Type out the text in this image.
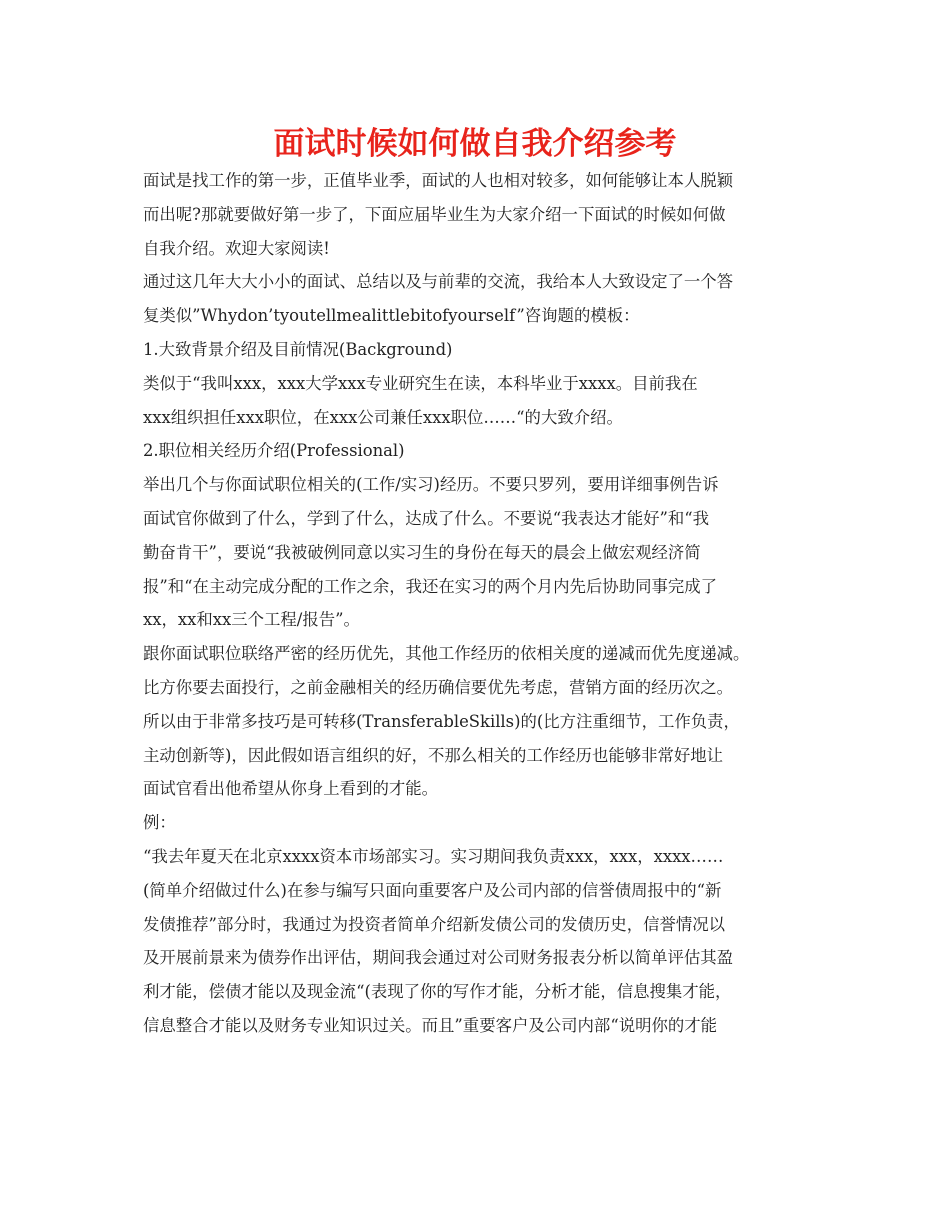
面试时候如何做自我介绍参考
面试是找工作的第一步，正值毕业季，面试的人也相对较多，如何能够让本人脱颖
而出呢?那就要做好第一步了，下面应届毕业生为大家介绍一下面试的时候如何做
自我介绍。欢迎大家阅读!
通过这几年大大小小的面试、总结以及与前辈的交流，我给本人大致设定了一个答
复类似”Whydon’tyoutellmealittlebitofyourself”咨询题的模板：
1.大致背景介绍及目前情况(Background)
类似于“我叫xxx，xxx大学xxx专业研究生在读，本科毕业于xxxx。目前我在
xxx组织担任xxx职位，在xxx公司兼任xxx职位……“的大致介绍。
2.职位相关经历介绍(Professional)
举出几个与你面试职位相关的(工作/实习)经历。不要只罗列，要用详细事例告诉
面试官你做到了什么，学到了什么，达成了什么。不要说“我表达才能好”和“我
勤奋肯干”，要说“我被破例同意以实习生的身份在每天的晨会上做宏观经济简
报”和“在主动完成分配的工作之余，我还在实习的两个月内先后协助同事完成了
xx，xx和xx三个工程/报告”。
跟你面试职位联络严密的经历优先，其他工作经历的依相关度的递减而优先度递减。
比方你要去面投行，之前金融相关的经历确信要优先考虑，营销方面的经历次之。
所以由于非常多技巧是可转移(TransferableSkills)的(比方注重细节，工作负责，
主动创新等)，因此假如语言组织的好，不那么相关的工作经历也能够非常好地让
面试官看出他希望从你身上看到的才能。
例：
“我去年夏天在北京xxxx资本市场部实习。实习期间我负责xxx，xxx，xxxx……
(简单介绍做过什么)在参与编写只面向重要客户及公司内部的信誉债周报中的“新
发债推荐”部分时，我通过为投资者简单介绍新发债公司的发债历史，信誉情况以
及开展前景来为债券作出评估，期间我会通过对公司财务报表分析以简单评估其盈
利才能，偿债才能以及现金流“(表现了你的写作才能，分析才能，信息搜集才能，
信息整合才能以及财务专业知识过关。而且”重要客户及公司内部“说明你的才能
